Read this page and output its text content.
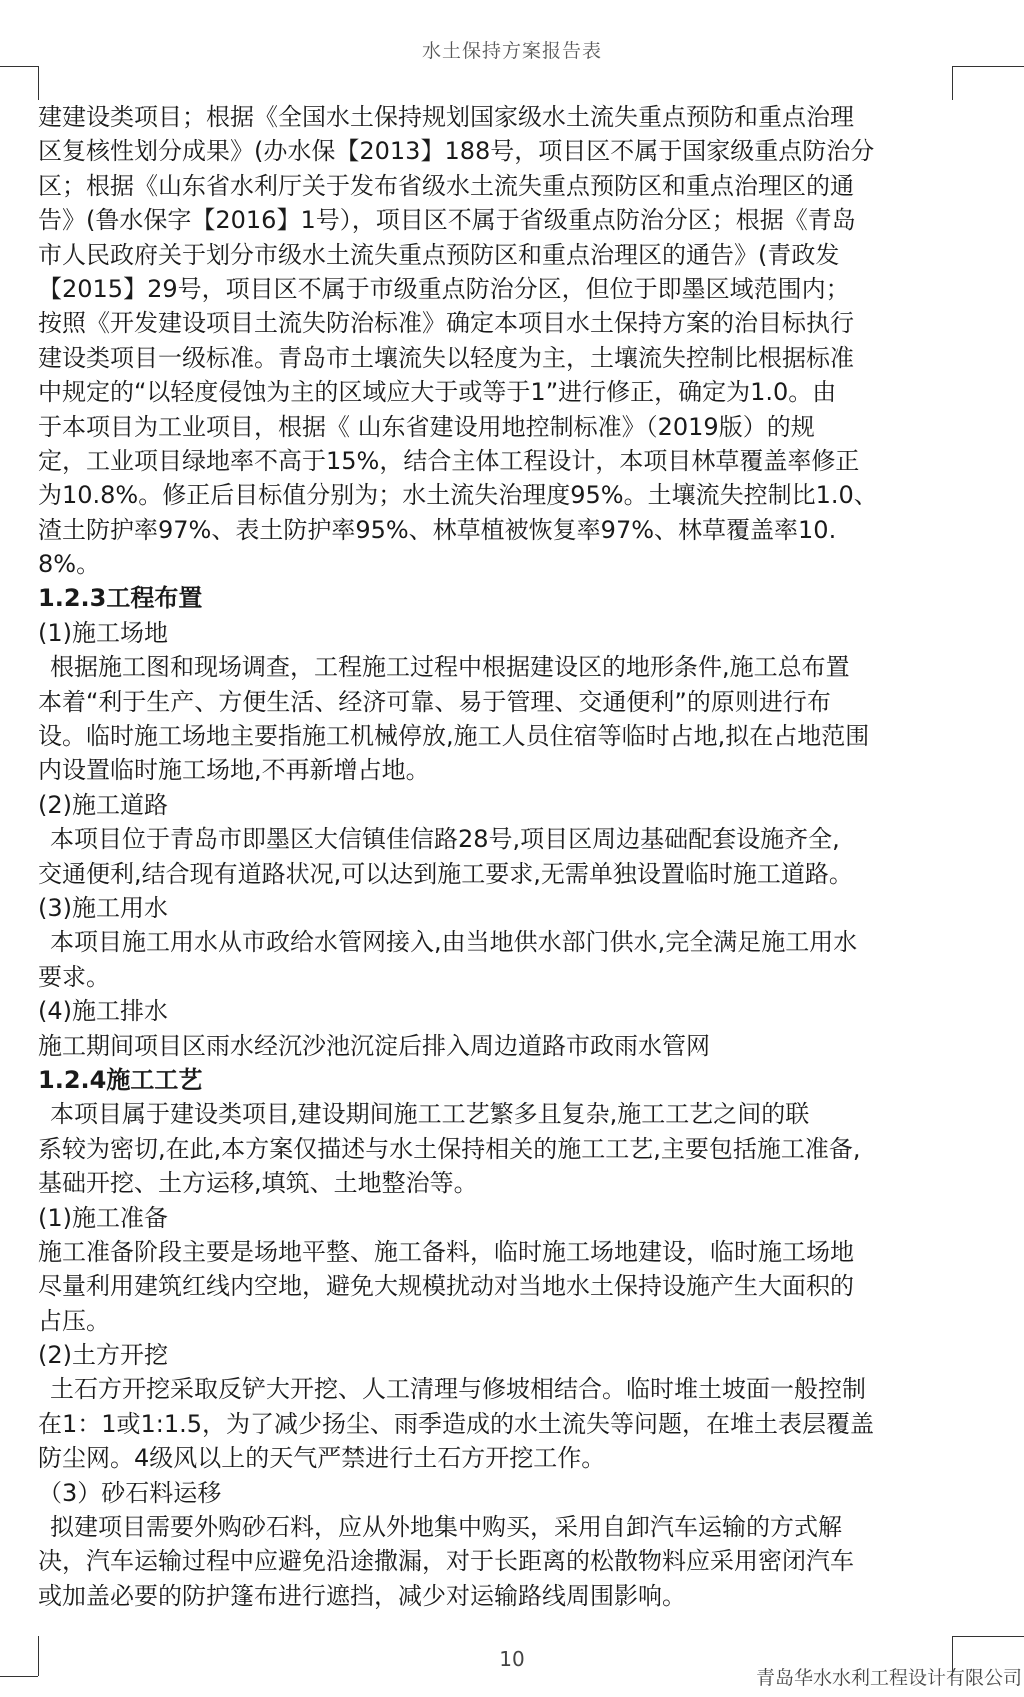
水土保持方案报告表
建建设类项目；根据《全国水土保持规划国家级水土流失重点预防和重点治理
区复核性划分成果》(办水保【2013】188号，项目区不属于国家级重点防治分
区；根据《山东省水利厅关于发布省级水土流失重点预防区和重点治理区的通
告》(鲁水保字【2016】1号），项目区不属于省级重点防治分区；根据《青岛
市人民政府关于划分市级水土流失重点预防区和重点治理区的通告》(青政发
【2015】29号，项目区不属于市级重点防治分区，但位于即墨区域范围内；
按照《开发建设项目土流失防治标准》确定本项目水土保持方案的治目标执行
建设类项目一级标准。青岛市土壤流失以轻度为主，土壤流失控制比根据标准
中规定的“以轻度侵蚀为主的区域应大于或等于1”进行修正，确定为1.0。由
于本项目为工业项目，根据《 山东省建设用地控制标准》（2019版）的规
定，工业项目绿地率不高于15%，结合主体工程设计，本项目林草覆盖率修正
为10.8%。修正后目标值分别为；水土流失治理度95%。土壤流失控制比1.0、
渣土防护率97%、表土防护率95%、林草植被恢复率97%、林草覆盖率10.
8%。
1.2.3工程布置
(1)施工场地
根据施工图和现场调查，工程施工过程中根据建设区的地形条件,施工总布置
本着“利于生产、方便生活、经济可靠、易于管理、交通便利”的原则进行布
设。临时施工场地主要指施工机械停放,施工人员住宿等临时占地,拟在占地范围
内设置临时施工场地,不再新增占地。
(2)施工道路
本项目位于青岛市即墨区大信镇佳信路28号,项目区周边基础配套设施齐全,
交通便利,结合现有道路状况,可以达到施工要求,无需单独设置临时施工道路。
(3)施工用水
本项目施工用水从市政给水管网接入,由当地供水部门供水,完全满足施工用水
要求。
(4)施工排水
施工期间项目区雨水经沉沙池沉淀后排入周边道路市政雨水管网
1.2.4施工工艺
本项目属于建设类项目,建设期间施工工艺繁多且复杂,施工工艺之间的联
系较为密切,在此,本方案仅描述与水土保持相关的施工工艺,主要包括施工准备,
基础开挖、土方运移,填筑、土地整治等。
(1)施工准备
施工准备阶段主要是场地平整、施工备料，临时施工场地建设，临时施工场地
尽量利用建筑红线内空地，避免大规模扰动对当地水土保持设施产生大面积的
占压。
(2)土方开挖
土石方开挖采取反铲大开挖、人工清理与修坡相结合。临时堆土坡面一般控制
在1：1或1:1.5，为了减少扬尘、雨季造成的水土流失等问题，在堆土表层覆盖
防尘网。4级风以上的天气严禁进行土石方开挖工作。
（3）砂石料运移
拟建项目需要外购砂石料，应从外地集中购买，采用自卸汽车运输的方式解
决，汽车运输过程中应避免沿途撒漏，对于长距离的松散物料应采用密闭汽车
或加盖必要的防护篷布进行遮挡，减少对运输路线周围影响。
10
青岛华水水利工程设计有限公司
